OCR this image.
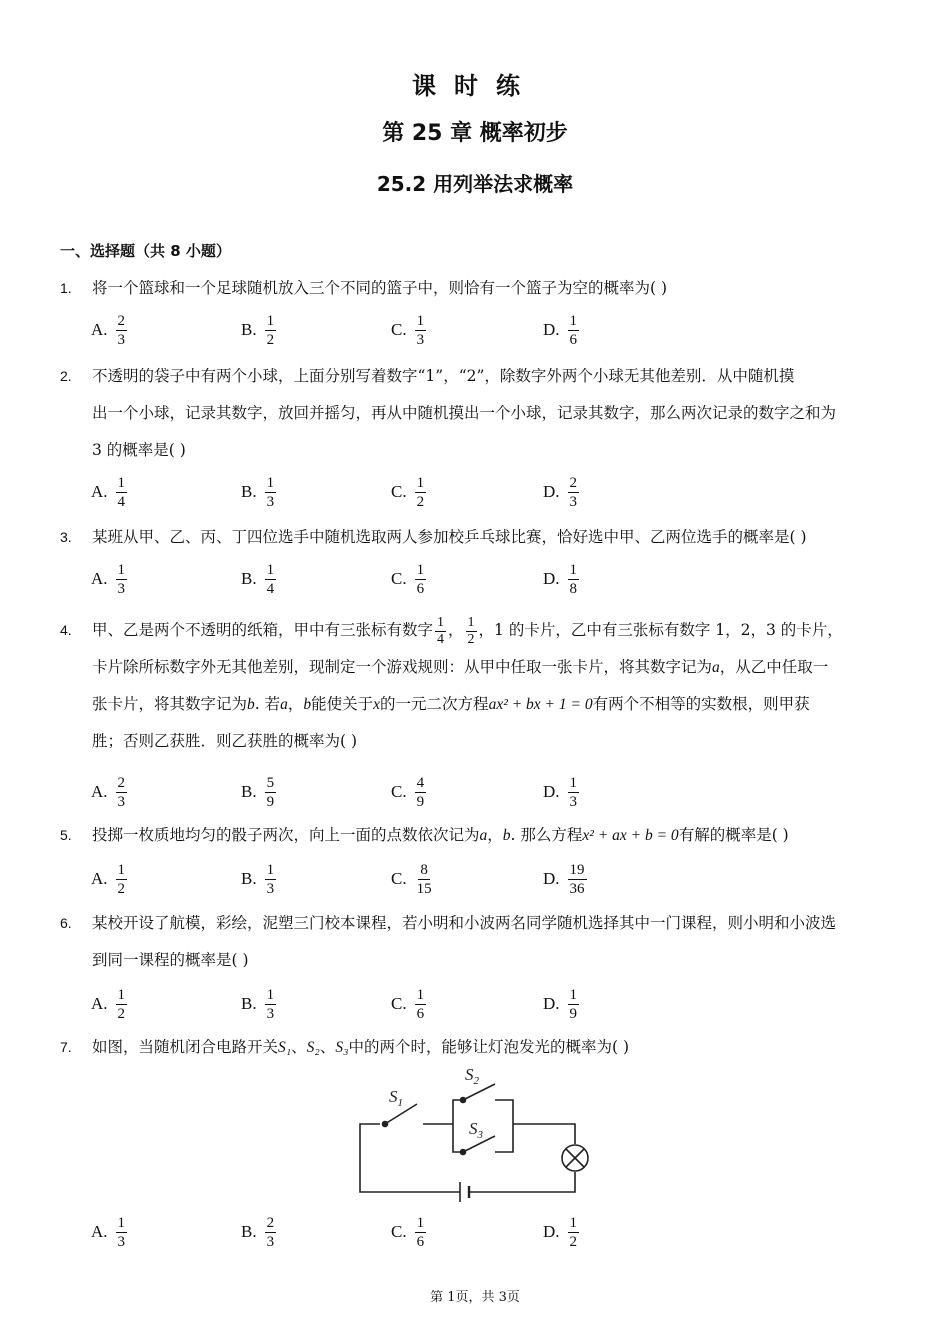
课时练
第 25 章 概率初步
25.2 用列举法求概率
一、选择题（共 8 小题）
1. 将一个篮球和一个足球随机放入三个不同的篮子中，则恰有一个篮子为空的概率为( )
A. $\frac{2}{3}$	B. $\frac{1}{2}$	C. $\frac{1}{3}$	D. $\frac{1}{6}$
2. 不透明的袋子中有两个小球，上面分别写着数字“1”，“2”，除数字外两个小球无其他差别．从中随机摸
出一个小球，记录其数字，放回并摇匀，再从中随机摸出一个小球，记录其数字，那么两次记录的数字之和为
3 的概率是( )
A. $\frac{1}{4}$	B. $\frac{1}{3}$	C. $\frac{1}{2}$	D. $\frac{2}{3}$
3. 某班从甲、乙、丙、丁四位选手中随机选取两人参加校乒乓球比赛，恰好选中甲、乙两位选手的概率是( )
A. $\frac{1}{3}$	B. $\frac{1}{4}$	C. $\frac{1}{6}$	D. $\frac{1}{8}$
4. 甲、乙是两个不透明的纸箱，甲中有三张标有数字 $\frac{1}{4}$ ， $\frac{1}{2}$ ，1 的卡片，乙中有三张标有数字 1，2，3 的卡片，
卡片除所标数字外无其他差别，现制定一个游戏规则：从甲中任取一张卡片，将其数字记为a，从乙中任取一
张卡片，将其数字记为b. 若a，b能使关于x的一元二次方程ax² + bx + 1 = 0有两个不相等的实数根，则甲获
胜；否则乙获胜．则乙获胜的概率为( )
A. $\frac{2}{3}$	B. $\frac{5}{9}$	C. $\frac{4}{9}$	D. $\frac{1}{3}$
5. 投掷一枚质地均匀的骰子两次，向上一面的点数依次记为a，b. 那么方程x² + ax + b = 0有解的概率是( )
A. $\frac{1}{2}$	B. $\frac{1}{3}$	C. $\frac{8}{15}$	D. $\frac{19}{36}$
6. 某校开设了航模，彩绘，泥塑三门校本课程，若小明和小波两名同学随机选择其中一门课程，则小明和小波选
到同一课程的概率是( )
A. $\frac{1}{2}$	B. $\frac{1}{3}$	C. $\frac{1}{6}$	D. $\frac{1}{9}$
7. 如图，当随机闭合电路开关S₁、S₂、S₃中的两个时，能够让灯泡发光的概率为( )
$S_1$
$S_2$
$S_3$
A. $\frac{1}{3}$	B. $\frac{2}{3}$	C. $\frac{1}{6}$	D. $\frac{1}{2}$
第 1页，共 3页
